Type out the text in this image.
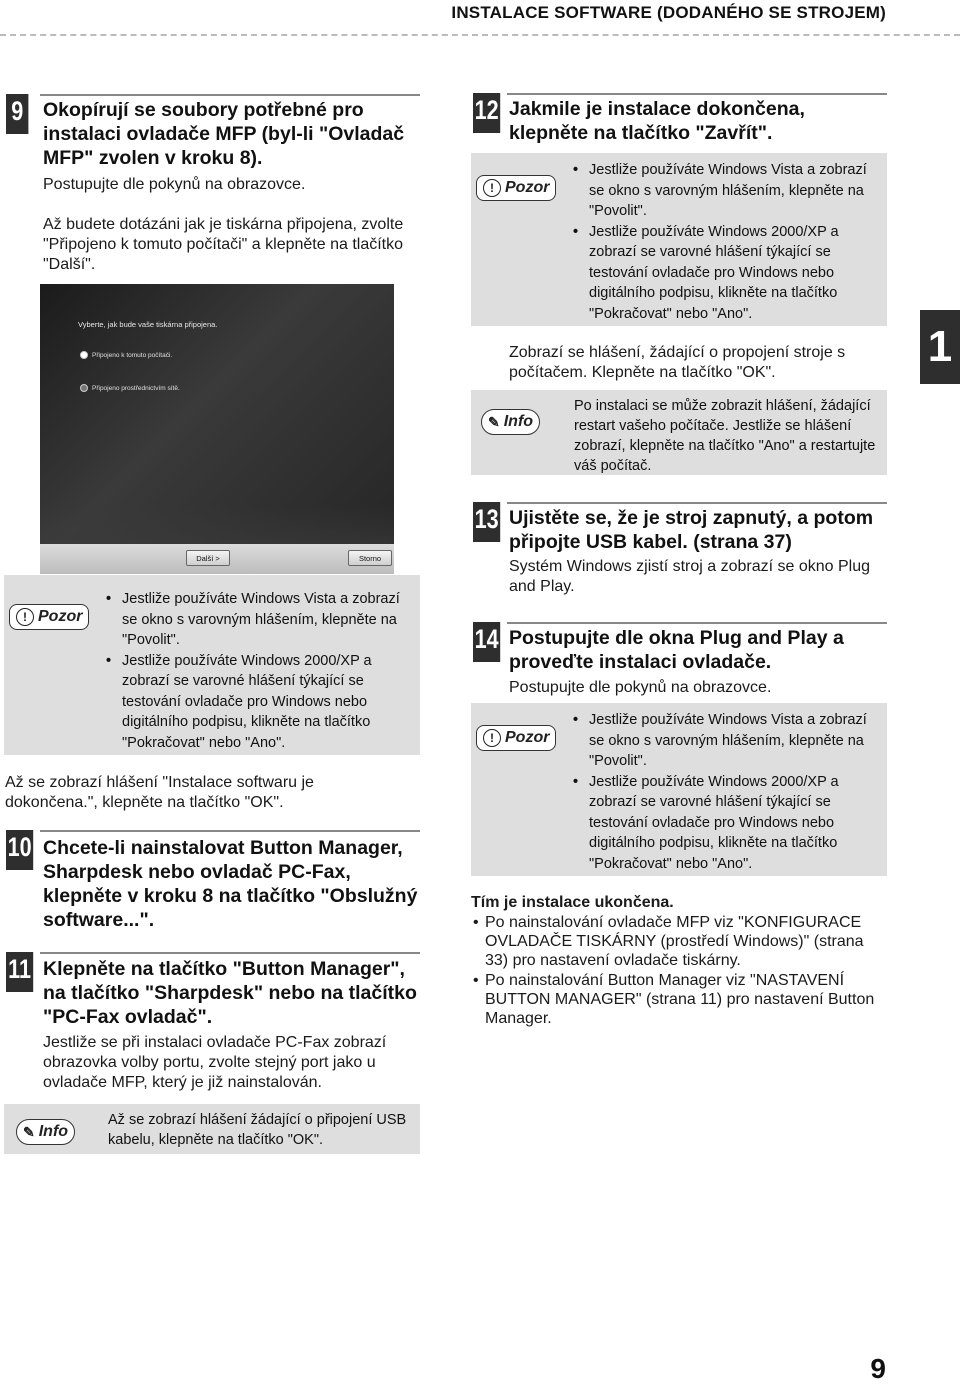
INSTALACE SOFTWARE (DODANÉHO SE STROJEM)
1
9 Okopírují se soubory potřebné pro instalaci ovladače MFP (byl-li "Ovladač MFP" zvolen v kroku 8).
Postupujte dle pokynů na obrazovce.
Až budete dotázáni jak je tiskárna připojena, zvolte "Připojeno k tomuto počítači" a klepněte na tlačítko "Další".
Vyberte, jak bude vaše tiskárna připojena.
Připojeno k tomuto počítači.
Připojeno prostřednictvím sítě.
Další >	Storno
! Pozor
• Jestliže používáte Windows Vista a zobrazí se okno s varovným hlášením, klepněte na "Povolit".
• Jestliže používáte Windows 2000/XP a zobrazí se varovné hlášení týkající se testování ovladače pro Windows nebo digitálního podpisu, klikněte na tlačítko "Pokračovat" nebo "Ano".
Až se zobrazí hlášení "Instalace softwaru je dokončena.", klepněte na tlačítko "OK".
10 Chcete-li nainstalovat Button Manager, Sharpdesk nebo ovladač PC-Fax, klepněte v kroku 8 na tlačítko "Obslužný software...".
11 Klepněte na tlačítko "Button Manager", na tlačítko "Sharpdesk" nebo na tlačítko "PC-Fax ovladač".
Jestliže se při instalaci ovladače PC-Fax zobrazí obrazovka volby portu, zvolte stejný port jako u ovladače MFP, který je již nainstalován.
✎ Info
Až se zobrazí hlášení žádající o připojení USB kabelu, klepněte na tlačítko "OK".
12 Jakmile je instalace dokončena, klepněte na tlačítko "Zavřít".
! Pozor
• Jestliže používáte Windows Vista a zobrazí se okno s varovným hlášením, klepněte na "Povolit".
• Jestliže používáte Windows 2000/XP a zobrazí se varovné hlášení týkající se testování ovladače pro Windows nebo digitálního podpisu, klikněte na tlačítko "Pokračovat" nebo "Ano".
Zobrazí se hlášení, žádající o propojení stroje s počítačem. Klepněte na tlačítko "OK".
✎ Info
Po instalaci se může zobrazit hlášení, žádající restart vašeho počítače. Jestliže se hlášení zobrazí, klepněte na tlačítko "Ano" a restartujte váš počítač.
13 Ujistěte se, že je stroj zapnutý, a potom připojte USB kabel. (strana 37)
Systém Windows zjistí stroj a zobrazí se okno Plug and Play.
14 Postupujte dle okna Plug and Play a proveďte instalaci ovladače.
Postupujte dle pokynů na obrazovce.
! Pozor
• Jestliže používáte Windows Vista a zobrazí se okno s varovným hlášením, klepněte na "Povolit".
• Jestliže používáte Windows 2000/XP a zobrazí se varovné hlášení týkající se testování ovladače pro Windows nebo digitálního podpisu, klikněte na tlačítko "Pokračovat" nebo "Ano".
Tím je instalace ukončena.
• Po nainstalování ovladače MFP viz "KONFIGURACE OVLADAČE TISKÁRNY (prostředí Windows)" (strana 33) pro nastavení ovladače tiskárny.
• Po nainstalování Button Manager viz "NASTAVENÍ BUTTON MANAGER" (strana 11) pro nastavení Button Manager.
9
